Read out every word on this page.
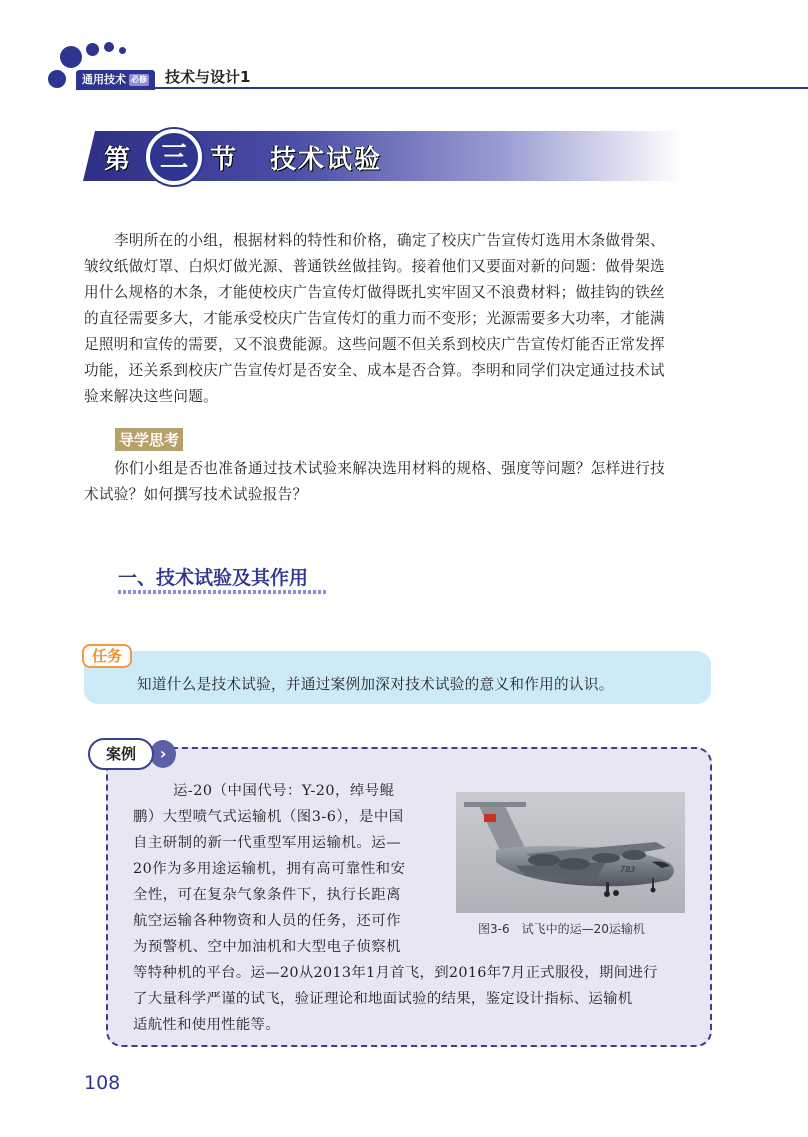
通用技术 必修	技术与设计1
第 三 节 技术试验
李明所在的小组，根据材料的特性和价格，确定了校庆广告宣传灯选用木条做骨架、
皱纹纸做灯罩、白炽灯做光源、普通铁丝做挂钩。接着他们又要面对新的问题：做骨架选
用什么规格的木条，才能使校庆广告宣传灯做得既扎实牢固又不浪费材料；做挂钩的铁丝
的直径需要多大，才能承受校庆广告宣传灯的重力而不变形；光源需要多大功率，才能满
足照明和宣传的需要，又不浪费能源。这些问题不但关系到校庆广告宣传灯能否正常发挥
功能，还关系到校庆广告宣传灯是否安全、成本是否合算。李明和同学们决定通过技术试
验来解决这些问题。
导学思考
你们小组是否也准备通过技术试验来解决选用材料的规格、强度等问题？怎样进行技
术试验？如何撰写技术试验报告？
一、技术试验及其作用
任务
知道什么是技术试验，并通过案例加深对技术试验的意义和作用的认识。
›
案例
运-20（中国代号：Y-20，绰号鲲
鹏）大型喷气式运输机（图3-6），是中国
自主研制的新一代重型军用运输机。运—
20作为多用途运输机，拥有高可靠性和安
全性，可在复杂气象条件下，执行长距离
航空运输各种物资和人员的任务，还可作
为预警机、空中加油机和大型电子侦察机
等特种机的平台。运—20从2013年1月首飞，到2016年7月正式服役，期间进行
了大量科学严谨的试飞，验证理论和地面试验的结果，鉴定设计指标、运输机
适航性和使用性能等。
783
图3-6　试飞中的运—20运输机
108
